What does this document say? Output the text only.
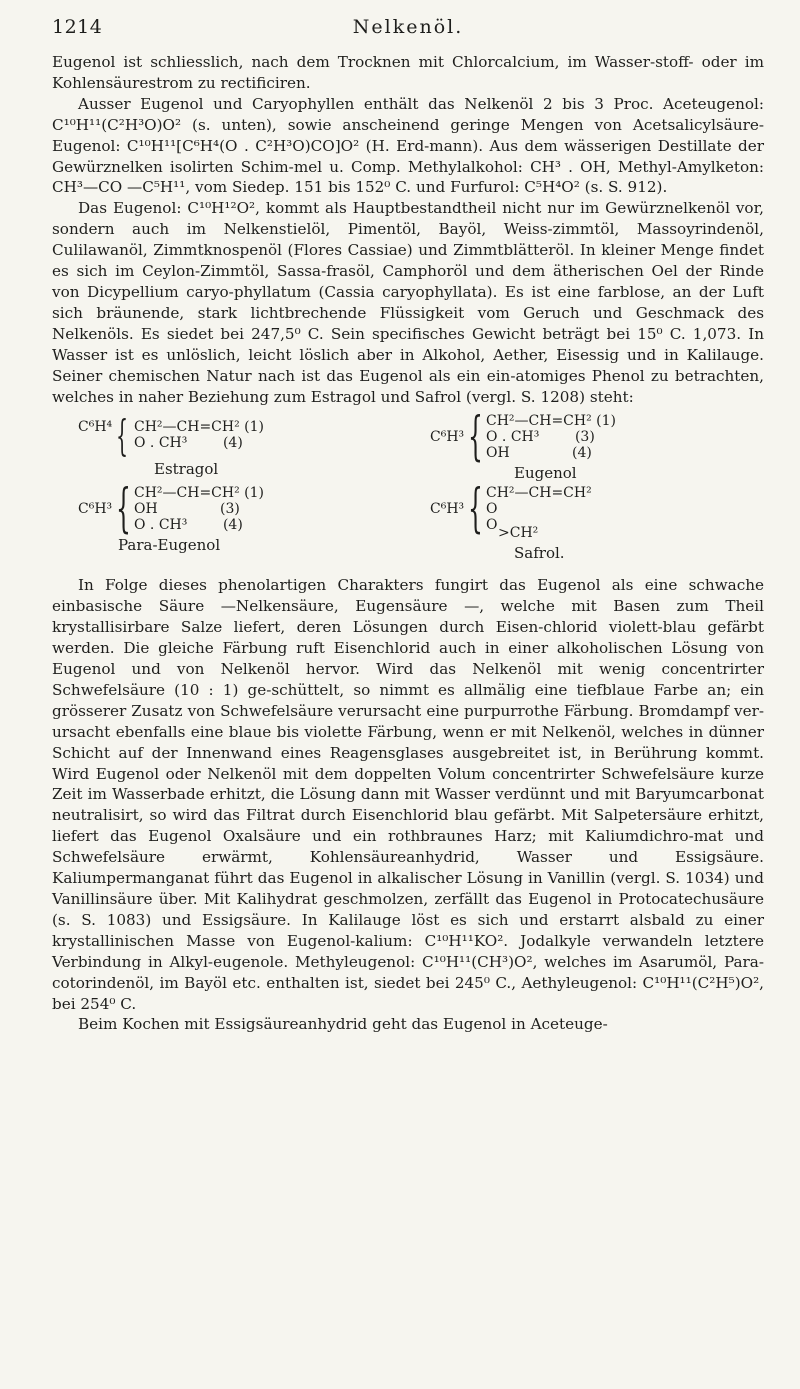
1214	Nelkenöl.

Eugenol ist schliesslich, nach dem Trocknen mit Chlorcalcium, im Wasser-stoff- oder im Kohlensäurestrom zu rectificiren.

Ausser Eugenol und Caryophyllen enthält das Nelkenöl 2 bis 3 Proc. Aceteugenol: C¹⁰H¹¹(C²H³O)O² (s. unten), sowie anscheinend geringe Mengen von Acetsalicylsäure-Eugenol: C¹⁰H¹¹[C⁶H⁴(O . C²H³O)CO]O² (H. Erd-mann). Aus dem wässerigen Destillate der Gewürznelken isolirten Schim-mel u. Comp. Methylalkohol: CH³ . OH, Methyl-Amylketon: CH³—CO —C⁵H¹¹, vom Siedep. 151 bis 152⁰ C. und Furfurol: C⁵H⁴O² (s. S. 912).

Das Eugenol: C¹⁰H¹²O², kommt als Hauptbestandtheil nicht nur im Gewürznelkenöl vor, sondern auch im Nelkenstielöl, Pimentöl, Bayöl, Weiss-zimmtöl, Massoyrindenöl, Culilawanöl, Zimmtknospenöl (Flores Cassiae) und Zimmtblätteröl. In kleiner Menge findet es sich im Ceylon-Zimmtöl, Sassa-frasöl, Camphoröl und dem ätherischen Oel der Rinde von Dicypellium caryo-phyllatum (Cassia caryophyllata). Es ist eine farblose, an der Luft sich bräunende, stark lichtbrechende Flüssigkeit vom Geruch und Geschmack des Nelkenöls. Es siedet bei 247,5⁰ C. Sein specifisches Gewicht beträgt bei 15⁰ C. 1,073. In Wasser ist es unlöslich, leicht löslich aber in Alkohol, Aether, Eisessig und in Kalilauge. Seiner chemischen Natur nach ist das Eugenol als ein ein-atomiges Phenol zu betrachten, welches in naher Beziehung zum Estragol und Safrol (vergl. S. 1208) steht:

C⁶H⁴ { CH²—CH=CH² (1)
O . CH³        (4)
Estragol
C⁶H³ { CH²—CH=CH² (1)
O . CH³        (3)
OH              (4)
Eugenol
C⁶H³ { CH²—CH=CH² (1)
OH              (3)
O . CH³        (4)
Para-Eugenol
C⁶H³ { CH²—CH=CH²
O
O >CH²
Safrol.

In Folge dieses phenolartigen Charakters fungirt das Eugenol als eine schwache einbasische Säure —Nelkensäure, Eugensäure —, welche mit Basen zum Theil krystallisirbare Salze liefert, deren Lösungen durch Eisen-chlorid violett-blau gefärbt werden. Die gleiche Färbung ruft Eisenchlorid auch in einer alkoholischen Lösung von Eugenol und von Nelkenöl hervor. Wird das Nelkenöl mit wenig concentrirter Schwefelsäure (10 : 1) ge-schüttelt, so nimmt es allmälig eine tiefblaue Farbe an; ein grösserer Zusatz von Schwefelsäure verursacht eine purpurrothe Färbung. Bromdampf ver-ursacht ebenfalls eine blaue bis violette Färbung, wenn er mit Nelkenöl, welches in dünner Schicht auf der Innenwand eines Reagensglases ausgebreitet ist, in Berührung kommt. Wird Eugenol oder Nelkenöl mit dem doppelten Volum concentrirter Schwefelsäure kurze Zeit im Wasserbade erhitzt, die Lösung dann mit Wasser verdünnt und mit Baryumcarbonat neutralisirt, so wird das Filtrat durch Eisenchlorid blau gefärbt. Mit Salpetersäure erhitzt, liefert das Eugenol Oxalsäure und ein rothbraunes Harz; mit Kaliumdichro-mat und Schwefelsäure erwärmt, Kohlensäureanhydrid, Wasser und Essigsäure. Kaliumpermanganat führt das Eugenol in alkalischer Lösung in Vanillin (vergl. S. 1034) und Vanillinsäure über. Mit Kalihydrat geschmolzen, zerfällt das Eugenol in Protocatechusäure (s. S. 1083) und Essigsäure. In Kalilauge löst es sich und erstarrt alsbald zu einer krystallinischen Masse von Eugenol-kalium: C¹⁰H¹¹KO². Jodalkyle verwandeln letztere Verbindung in Alkyl-eugenole. Methyleugenol: C¹⁰H¹¹(CH³)O², welches im Asarumöl, Para-cotorindenöl, im Bayöl etc. enthalten ist, siedet bei 245⁰ C., Aethyleugenol: C¹⁰H¹¹(C²H⁵)O², bei 254⁰ C.

Beim Kochen mit Essigsäureanhydrid geht das Eugenol in Aceteuge-
